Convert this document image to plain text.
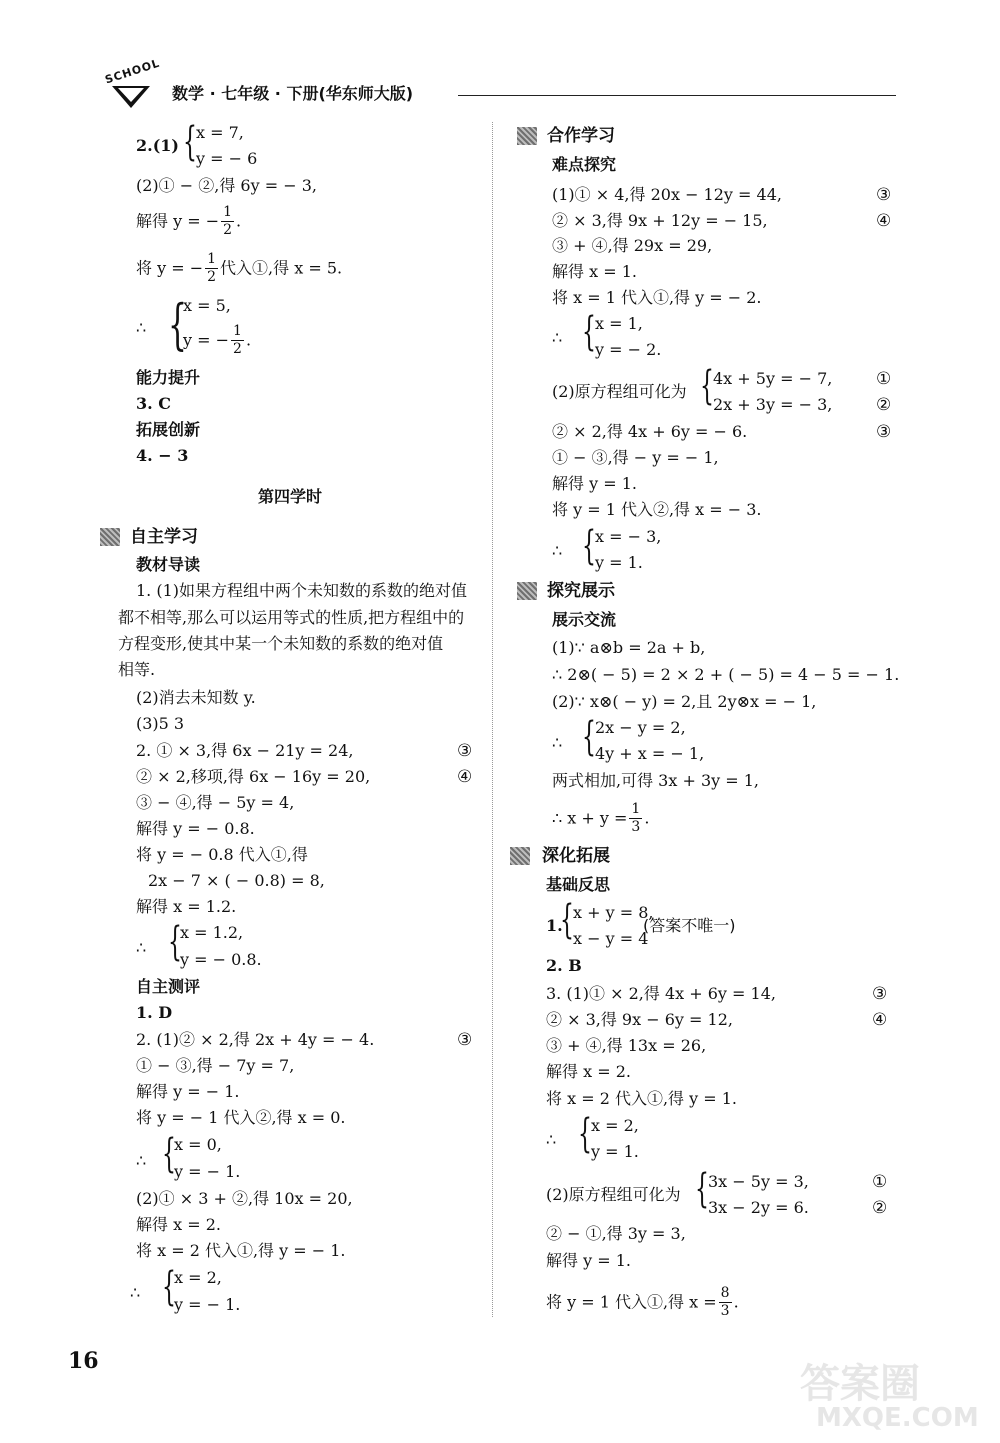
SCHOOL
数学 · 七年级 · 下册(华东师大版)
2.(1) { x = 7,
y = − 6
(2)① − ②,得 6y = − 3,
解得 y = − $\frac{1}{2}$ .
将 y = − $\frac{1}{2}$ 代入①,得 x = 5.
∴ {
x = 5,
y = − $\frac{1}{2}$ .
能力提升
3. C
拓展创新
4. − 3
第四学时
自主学习
教材导读
1. (1)如果方程组中两个未知数的系数的绝对值
都不相等,那么可以运用等式的性质,把方程组中的
方程变形,使其中某一个未知数的系数的绝对值
相等.
(2)消去未知数 y.
(3)5 3
2. ① × 3,得 6x − 21y = 24,	③
② × 2,移项,得 6x − 16y = 20,	④
③ − ④,得 − 5y = 4,
解得 y = − 0.8.
将 y = − 0.8 代入①,得
2x − 7 × ( − 0.8) = 8,
解得 x = 1.2.
∴ {
x = 1.2,
y = − 0.8.
自主测评
1. D
2. (1)② × 2,得 2x + 4y = − 4.	③
① − ③,得 − 7y = 7,
解得 y = − 1.
将 y = − 1 代入②,得 x = 0.
∴ {
x = 0,
y = − 1.
(2)① × 3 + ②,得 10x = 20,
解得 x = 2.
将 x = 2 代入①,得 y = − 1.
∴ {
x = 2,
y = − 1.
合作学习
难点探究
(1)① × 4,得 20x − 12y = 44,	③
② × 3,得 9x + 12y = − 15,	④
③ + ④,得 29x = 29,
解得 x = 1.
将 x = 1 代入①,得 y = − 2.
∴ { x = 1,
y = − 2.
(2)原方程组可化为 { 4x + 5y = − 7,	①
2x + 3y = − 3,	②
② × 2,得 4x + 6y = − 6.	③
① − ③,得 − y = − 1,
解得 y = 1.
将 y = 1 代入②,得 x = − 3.
∴ { x = − 3,
y = 1.
探究展示
展示交流
(1)∵ a⊗b = 2a + b,
∴ 2⊗( − 5) = 2 × 2 + ( − 5) = 4 − 5 = − 1.
(2)∵ x⊗( − y) = 2,且 2y⊗x = − 1,
∴ { 2x − y = 2,
4y + x = − 1,
两式相加,可得 3x + 3y = 1,
∴ $x + y = \frac{1}{3}$ .
深化拓展
基础反思
1.
{ x + y = 8,
x − y = 4
(答案不唯一)
2. B
3. (1)① × 2,得 4x + 6y = 14,	③
② × 3,得 9x − 6y = 12,	④
③ + ④,得 13x = 26,
解得 x = 2.
将 x = 2 代入①,得 y = 1.
∴ { x = 2,
y = 1.
(2)原方程组可化为 { 3x − 5y = 3,	①
3x − 2y = 6.	②
② − ①,得 3y = 3,
解得 y = 1.
将 y = 1 代入①,得 $x = \frac{8}{3}$ .
16	答案圈
MXQE.COM
